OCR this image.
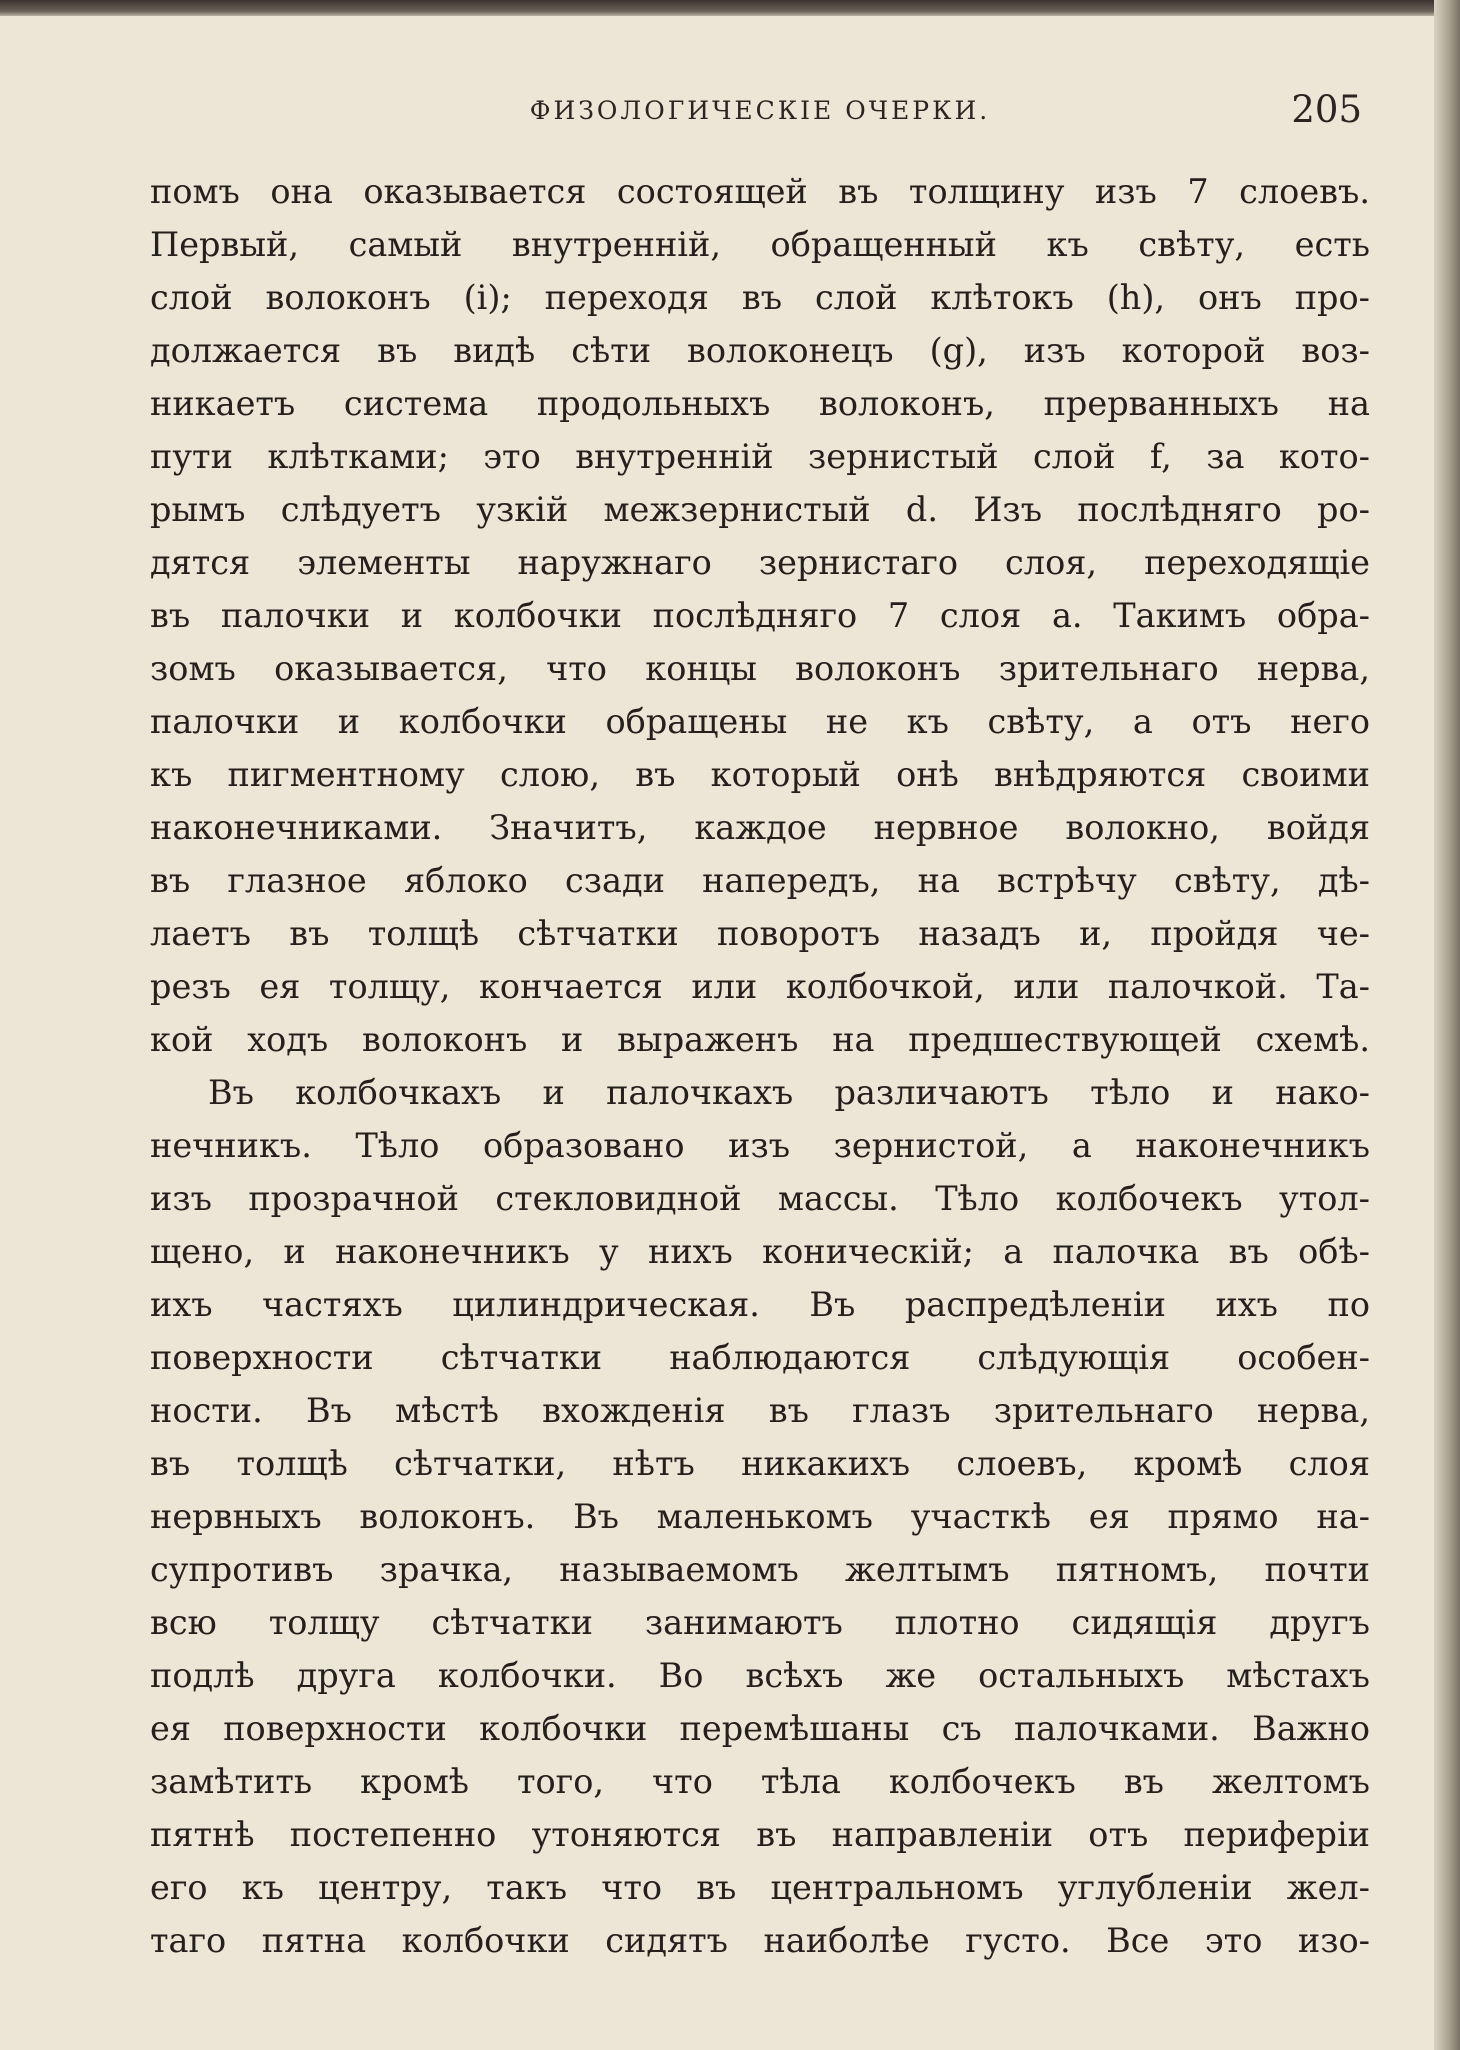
ФИЗОЛОГИЧЕСКІЕ ОЧЕРКИ.	205
помъ она оказывается состоящей въ толщину изъ 7 слоевъ.
Первый, самый внутренній, обращенный къ свѣту, есть
слой волоконъ (i); переходя въ слой клѣтокъ (h), онъ про-
должается въ видѣ сѣти волоконецъ (g), изъ которой воз-
никаетъ система продольныхъ волоконъ, прерванныхъ на
пути клѣтками; это внутренній зернистый слой f, за кото-
рымъ слѣдуетъ узкій межзернистый d. Изъ послѣдняго ро-
дятся элементы наружнаго зернистаго слоя, переходящіе
въ палочки и колбочки послѣдняго 7 слоя a. Такимъ обра-
зомъ оказывается, что концы волоконъ зрительнаго нерва,
палочки и колбочки обращены не къ свѣту, а отъ него
къ пигментному слою, въ который онѣ внѣдряются своими
наконечниками. Значитъ, каждое нервное волокно, войдя
въ глазное яблоко сзади напередъ, на встрѣчу свѣту, дѣ-
лаетъ въ толщѣ сѣтчатки поворотъ назадъ и, пройдя че-
резъ ея толщу, кончается или колбочкой, или палочкой. Та-
кой ходъ волоконъ и выраженъ на предшествующей схемѣ.
Въ колбочкахъ и палочкахъ различаютъ тѣло и нако-
нечникъ. Тѣло образовано изъ зернистой, а наконечникъ
изъ прозрачной стекловидной массы. Тѣло колбочекъ утол-
щено, и наконечникъ у нихъ коническій; а палочка въ обѣ-
ихъ частяхъ цилиндрическая. Въ распредѣленіи ихъ по
поверхности сѣтчатки наблюдаются слѣдующія особен-
ности. Въ мѣстѣ вхожденія въ глазъ зрительнаго нерва,
въ толщѣ сѣтчатки, нѣтъ никакихъ слоевъ, кромѣ слоя
нервныхъ волоконъ. Въ маленькомъ участкѣ ея прямо на-
супротивъ зрачка, называемомъ желтымъ пятномъ, почти
всю толщу сѣтчатки занимаютъ плотно сидящія другъ
подлѣ друга колбочки. Во всѣхъ же остальныхъ мѣстахъ
ея поверхности колбочки перемѣшаны съ палочками. Важно
замѣтить кромѣ того, что тѣла колбочекъ въ желтомъ
пятнѣ постепенно утоняются въ направленіи отъ периферіи
его къ центру, такъ что въ центральномъ углубленіи жел-
таго пятна колбочки сидятъ наиболѣе густо. Все это изо-
